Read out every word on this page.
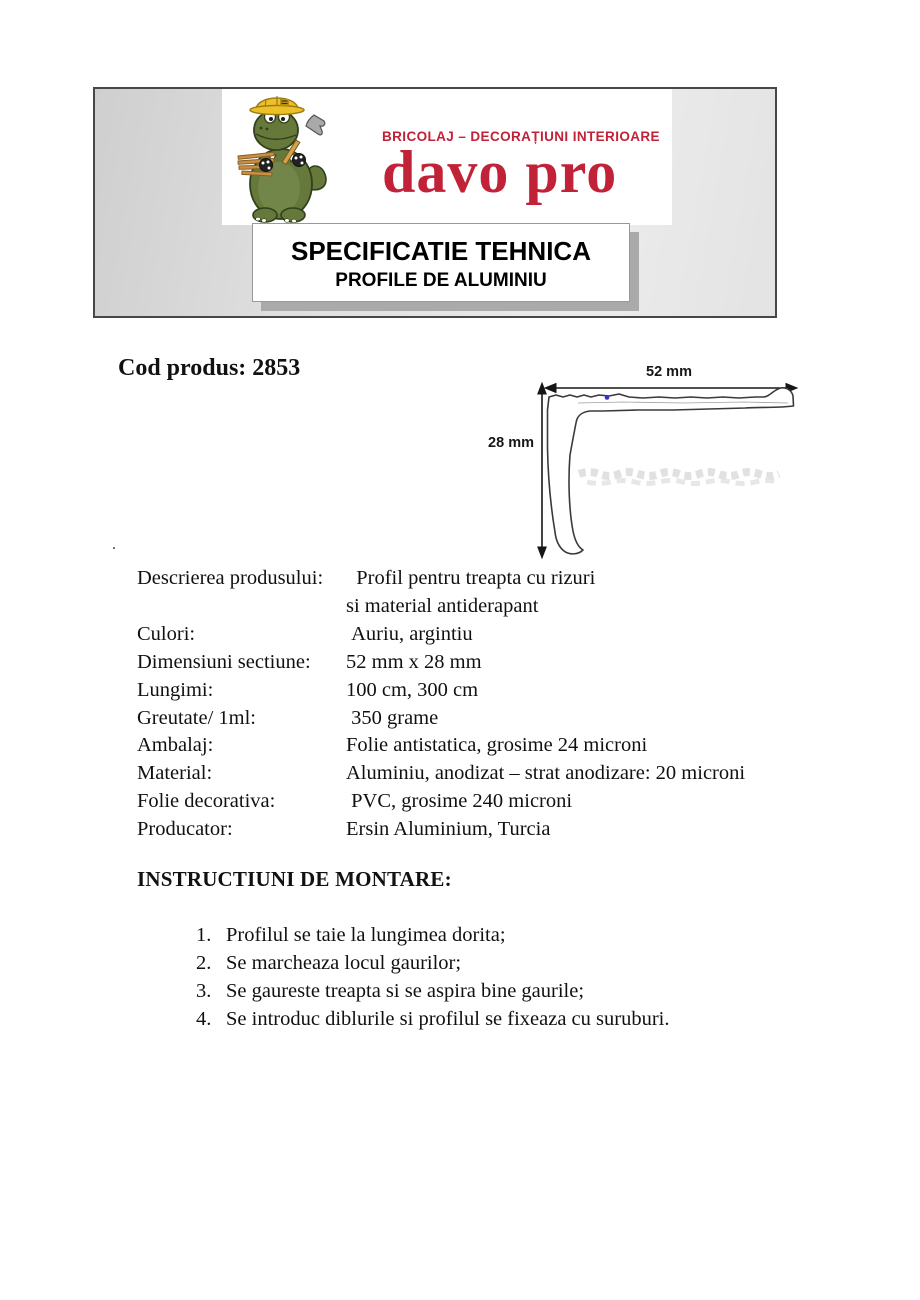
BRICOLAJ – DECORAȚIUNI INTERIOARE
davo pro
SPECIFICATIE TEHNICA
PROFILE DE ALUMINIU
Cod produs: 2853	52 mm
28 mm
.
Descrierea produsului:	Profil pentru treapta cu rizuri
si material antiderapant
Culori:	Auriu, argintiu
Dimensiuni sectiune:	52 mm x 28 mm
Lungimi:	100 cm, 300 cm
Greutate/ 1ml:	350 grame
Ambalaj:	Folie antistatica, grosime 24 microni
Material:	Aluminiu, anodizat – strat anodizare: 20 microni
Folie decorativa:	PVC, grosime 240 microni
Producator:	Ersin Aluminium, Turcia
INSTRUCTIUNI DE MONTARE:
1. Profilul se taie la lungimea dorita;
2. Se marcheaza locul gaurilor;
3. Se gaureste treapta si se aspira bine gaurile;
4. Se introduc diblurile si profilul se fixeaza cu suruburi.
